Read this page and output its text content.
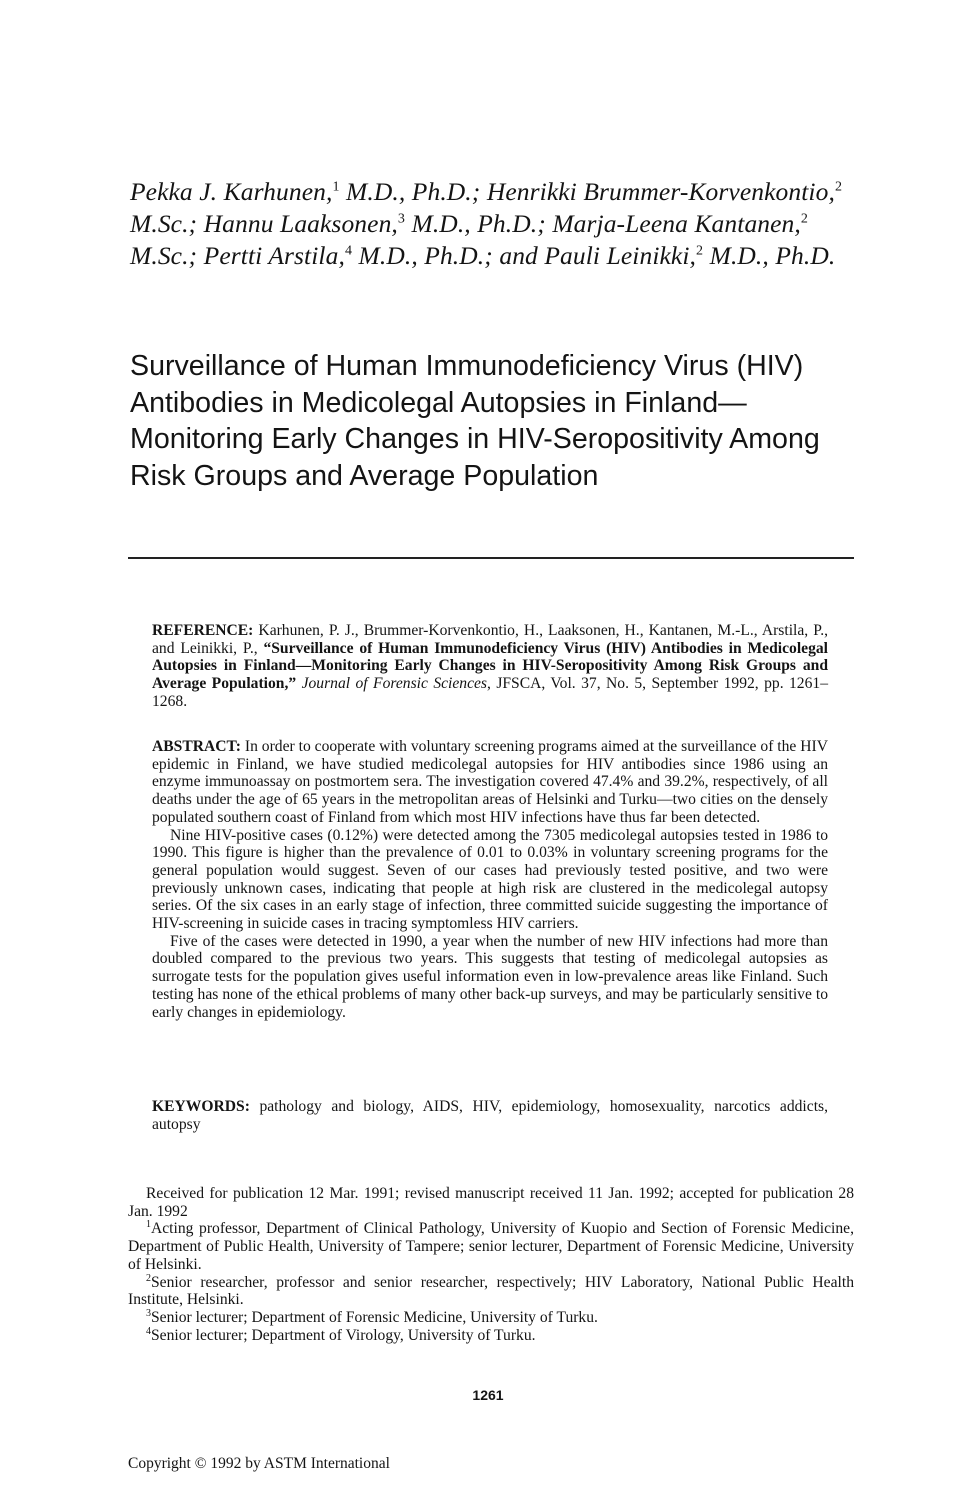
Pekka J. Karhunen,$^1$ M.D., Ph.D.; Henrikki Brummer-Korvenkontio,$^2$ M.Sc.; Hannu Laaksonen,$^3$ M.D., Ph.D.; Marja-Leena Kantanen,$^2$ M.Sc.; Pertti Arstila,$^4$ M.D., Ph.D.; and Pauli Leinikki,$^2$ M.D., Ph.D.
Surveillance of Human Immunodeficiency Virus (HIV) Antibodies in Medicolegal Autopsies in Finland—Monitoring Early Changes in HIV-Seropositivity Among Risk Groups and Average Population

REFERENCE: Karhunen, P. J., Brummer-Korvenkontio, H., Laaksonen, H., Kantanen, M.-L., Arstila, P., and Leinikki, P., “Surveillance of Human Immunodeficiency Virus (HIV) Antibodies in Medicolegal Autopsies in Finland—Monitoring Early Changes in HIV-Seropositivity Among Risk Groups and Average Population,” Journal of Forensic Sciences, JFSCA, Vol. 37, No. 5, September 1992, pp. 1261–1268.

ABSTRACT: In order to cooperate with voluntary screening programs aimed at the surveillance of the HIV epidemic in Finland, we have studied medicolegal autopsies for HIV antibodies since 1986 using an enzyme immunoassay on postmortem sera. The investigation covered 47.4% and 39.2%, respectively, of all deaths under the age of 65 years in the metropolitan areas of Helsinki and Turku—two cities on the densely populated southern coast of Finland from which most HIV infections have thus far been detected.

Nine HIV-positive cases (0.12%) were detected among the 7305 medicolegal autopsies tested in 1986 to 1990. This figure is higher than the prevalence of 0.01 to 0.03% in voluntary screening programs for the general population would suggest. Seven of our cases had previously tested positive, and two were previously unknown cases, indicating that people at high risk are clustered in the medicolegal autopsy series. Of the six cases in an early stage of infection, three committed suicide suggesting the importance of HIV-screening in suicide cases in tracing symptomless HIV carriers.

Five of the cases were detected in 1990, a year when the number of new HIV infections had more than doubled compared to the previous two years. This suggests that testing of medicolegal autopsies as surrogate tests for the population gives useful information even in low-prevalence areas like Finland. Such testing has none of the ethical problems of many other back-up surveys, and may be particularly sensitive to early changes in epidemiology.

KEYWORDS: pathology and biology, AIDS, HIV, epidemiology, homosexuality, narcotics addicts, autopsy

Received for publication 12 Mar. 1991; revised manuscript received 11 Jan. 1992; accepted for publication 28 Jan. 1992

$^1$Acting professor, Department of Clinical Pathology, University of Kuopio and Section of Forensic Medicine, Department of Public Health, University of Tampere; senior lecturer, Department of Forensic Medicine, University of Helsinki.

$^2$Senior researcher, professor and senior researcher, respectively; HIV Laboratory, National Public Health Institute, Helsinki.

$^3$Senior lecturer; Department of Forensic Medicine, University of Turku.

$^4$Senior lecturer; Department of Virology, University of Turku.

1261
Copyright © 1992 by ASTM International
